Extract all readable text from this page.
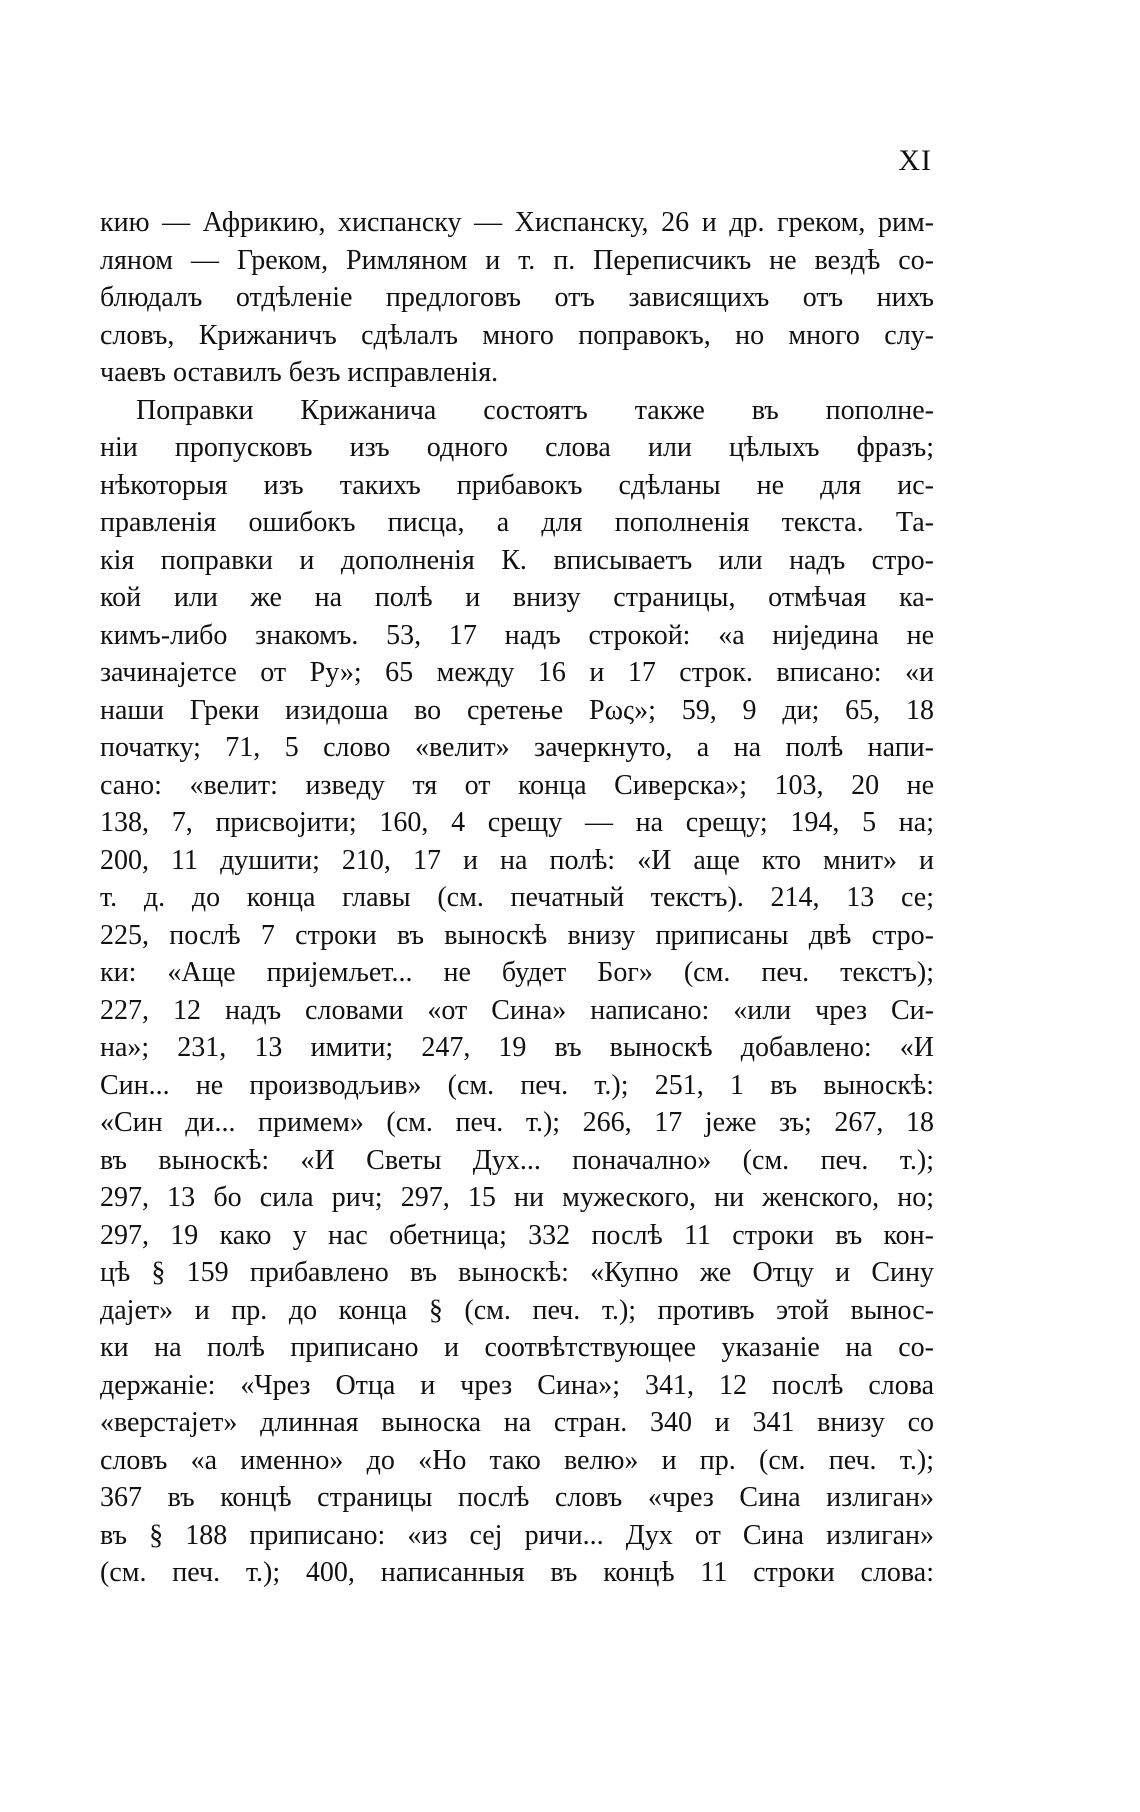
XI
кию — Африкию, хиспанску — Хиспанску, 26 и др. греком, рим-
ляном — Греком, Римляном и т. п. Переписчикъ не вездѣ со-
блюдалъ отдѣленіе предлоговъ отъ зависящихъ отъ нихъ
словъ, Крижаничъ сдѣлалъ много поправокъ, но много слу-
чаевъ оставилъ безъ исправленія.
Поправки Крижанича состоятъ также въ пополне-
ніи пропусковъ изъ одного слова или цѣлыхъ фразъ;
нѣкоторыя изъ такихъ прибавокъ сдѣланы не для ис-
правленія ошибокъ писца, а для пополненія текста. Та-
кія поправки и дополненія К. вписываетъ или надъ стро-
кой или же на полѣ и внизу страницы, отмѣчая ка-
кимъ-либо знакомъ. 53, 17 надъ строкой: «а ниједина не
зачинајетсе от Ру»; 65 между 16 и 17 строк. вписано: «и
наши Греки изидоша во сретење Рως»; 59, 9 ди; 65, 18
початку; 71, 5 слово «велит» зачеркнуто, а на полѣ напи-
сано: «велит: изведу тя от конца Сиверска»; 103, 20 не
138, 7, присвојити; 160, 4 срещу — на срещу; 194, 5 на;
200, 11 душити; 210, 17 и на полѣ: «И аще кто мнит» и
т. д. до конца главы (см. печатный текстъ). 214, 13 се;
225, послѣ 7 строки въ выноскѣ внизу приписаны двѣ стро-
ки: «Аще пријемљет... не будет Бог» (см. печ. текстъ);
227, 12 надъ словами «от Сина» написано: «или чрез Си-
на»; 231, 13 имити; 247, 19 въ выноскѣ добавлено: «И
Син... не производљив» (см. печ. т.); 251, 1 въ выноскѣ:
«Син ди... примем» (см. печ. т.); 266, 17 јеже зъ; 267, 18
въ выноскѣ: «И Светы Дух... поначално» (см. печ. т.);
297, 13 бо сила рич; 297, 15 ни мужеского, ни женского, но;
297, 19 како у нас обетница; 332 послѣ 11 строки въ кон-
цѣ § 159 прибавлено въ выноскѣ: «Купно же Отцу и Сину
дајет» и пр. до конца § (см. печ. т.); противъ этой вынос-
ки на полѣ приписано и соотвѣтствующее указаніе на со-
держаніе: «Чрез Отца и чрез Сина»; 341, 12 послѣ слова
«верстајет» длинная выноска на стран. 340 и 341 внизу со
словъ «а именно» до «Но тако велю» и пр. (см. печ. т.);
367 въ концѣ страницы послѣ словъ «чрез Сина излиган»
въ § 188 приписано: «из сеј ричи... Дух от Сина излиган»
(см. печ. т.); 400, написанныя въ концѣ 11 строки слова:
